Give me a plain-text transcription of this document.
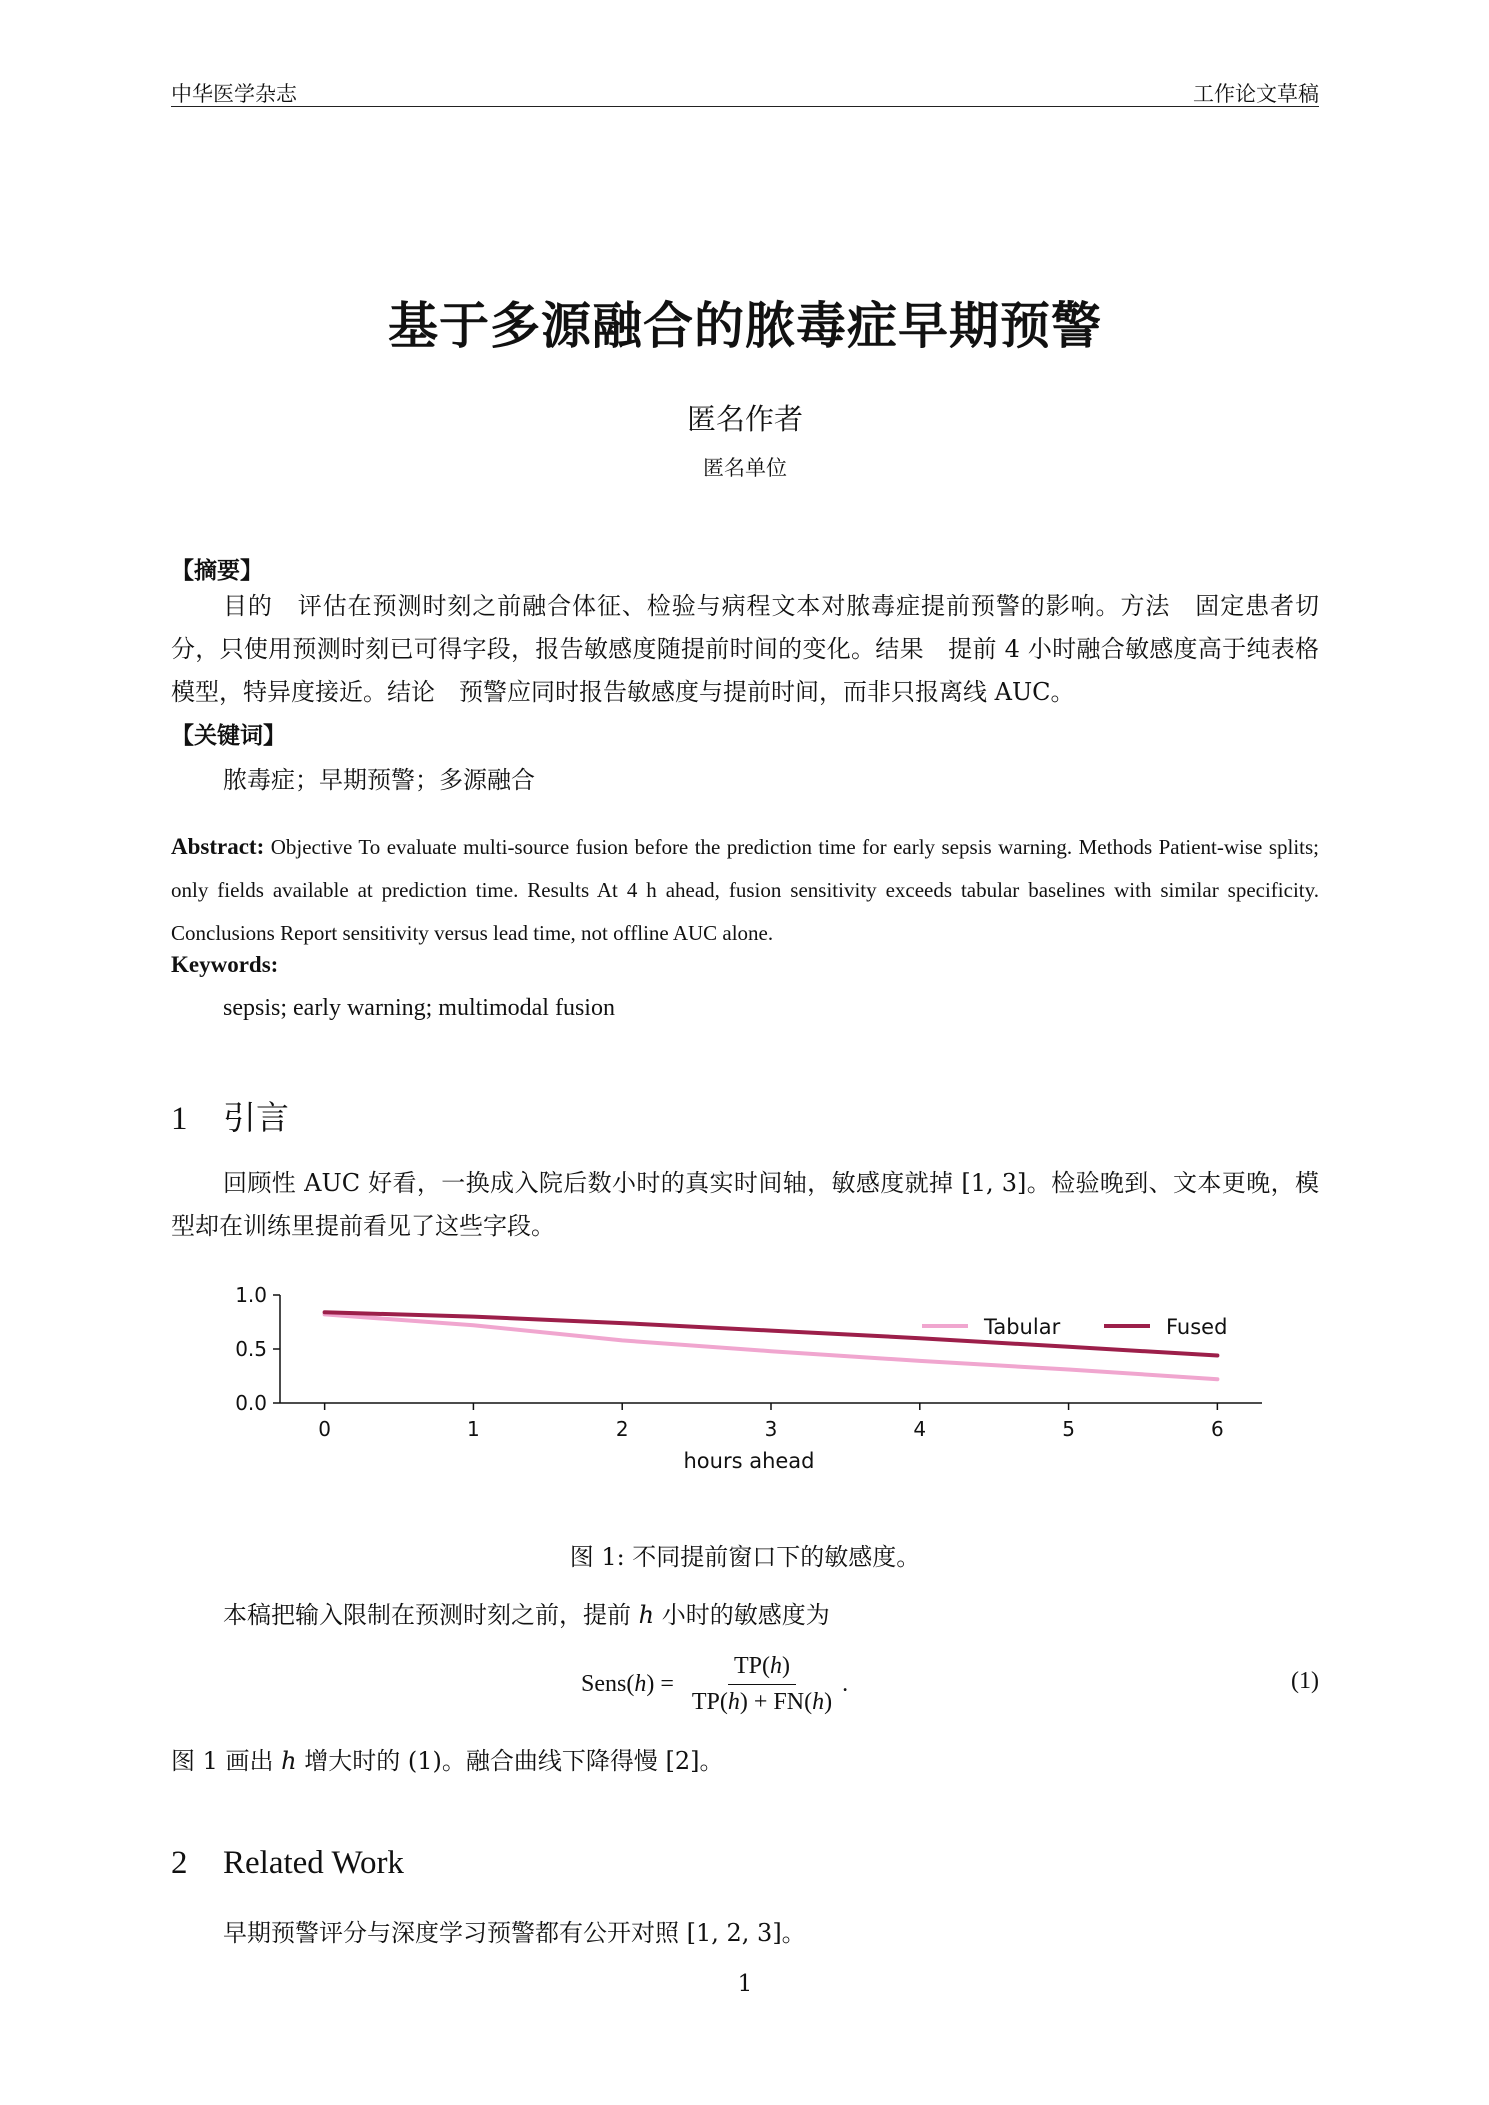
中华医学杂志	工作论文草稿
基于多源融合的脓毒症早期预警
匿名作者
匿名单位
【摘要】
目的　评估在预测时刻之前融合体征、检验与病程文本对脓毒症提前预警的影响。方法　固定患者切分，只使用预测时刻已可得字段，报告敏感度随提前时间的变化。结果　提前 4 小时融合敏感度高于纯表格模型，特异度接近。结论　预警应同时报告敏感度与提前时间，而非只报离线 AUC。
【关键词】
脓毒症；早期预警；多源融合
Abstract: Objective To evaluate multi-source fusion before the prediction time for early sepsis warning. Methods Patient-wise splits; only fields available at prediction time. Results At 4 h ahead, fusion sensitivity exceeds tabular baselines with similar specificity. Conclusions Report sensitivity versus lead time, not offline AUC alone.
Keywords:
sepsis; early warning; multimodal fusion
1 引言
回顾性 AUC 好看，一换成入院后数小时的真实时间轴，敏感度就掉 [1, 3]。检验晚到、文本更晚，模型却在训练里提前看见了这些字段。
0.0
0.5
1.0
0	1	2	3	4	5	6
hours ahead
Tabular	Fused
图 1: 不同提前窗口下的敏感度。
本稿把输入限制在预测时刻之前，提前 h 小时的敏感度为
Sens( h ) = $\frac{TP(h)}{TP(h) + FN(h)}$ .	(1)
图 1 画出 h 增大时的 (1)。融合曲线下降得慢 [2]。
2 Related Work
早期预警评分与深度学习预警都有公开对照 [1, 2, 3]。
1
